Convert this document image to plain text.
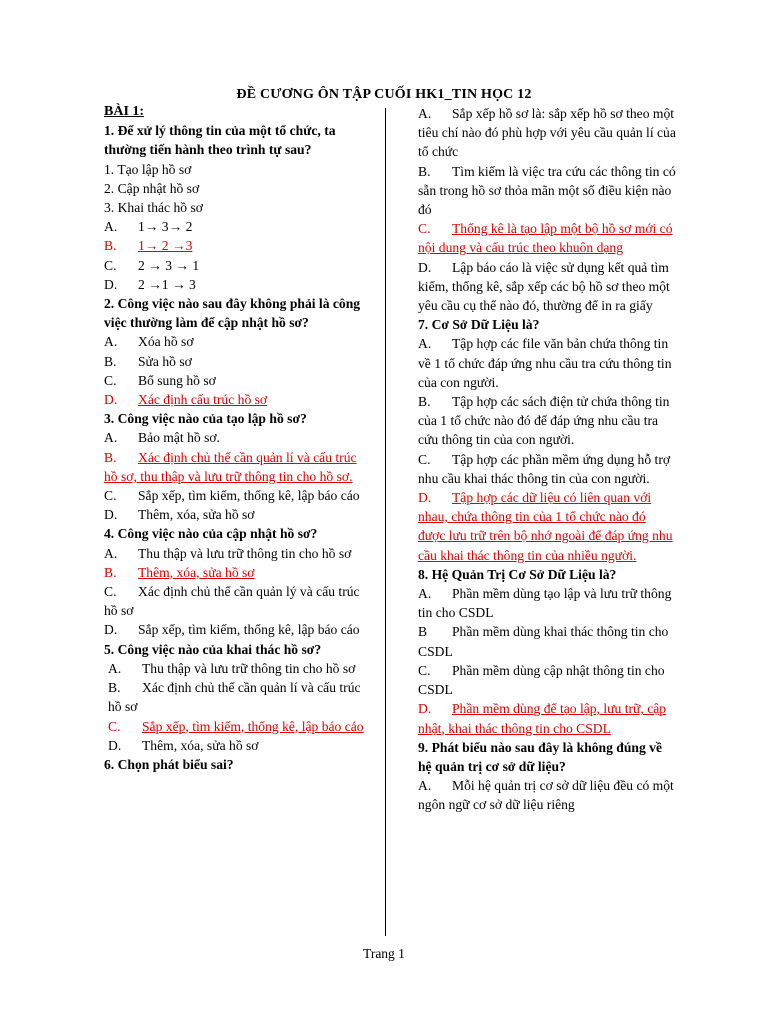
ĐỀ CƯƠNG ÔN TẬP CUỐI HK1_TIN HỌC 12
BÀI 1:
1. Để xử lý thông tin của một tổ chức, ta thường tiến hành theo trình tự sau?
1. Tạo lập hồ sơ
2. Cập nhật hồ sơ
3. Khai thác hồ sơ
A. 1→ 3→ 2
B. 1→ 2 →3
C. 2 → 3 → 1
D. 2 →1 → 3
2. Công việc nào sau đây không phải là công việc thường làm để cập nhật hồ sơ?
A. Xóa hồ sơ
B. Sửa hồ sơ
C. Bổ sung hồ sơ
D. Xác định cấu trúc hồ sơ
3. Công việc nào của tạo lập hồ sơ?
A. Bảo mật hồ sơ.
B. Xác định chủ thể cần quản lí và cấu trúc hồ sơ, thu thập và lưu trữ thông tin cho hồ sơ.
C. Sắp xếp, tìm kiếm, thống kê, lập báo cáo
D. Thêm, xóa, sửa hồ sơ
4. Công việc nào của cập nhật hồ sơ?
A. Thu thập và lưu trữ thông tin cho hồ sơ
B. Thêm, xóa, sửa hồ sơ
C. Xác định chủ thể cần quản lý và cấu trúc hồ sơ
D. Sắp xếp, tìm kiếm, thống kê, lập báo cáo
5. Công việc nào của khai thác hồ sơ?
A. Thu thập và lưu trữ thông tin cho hồ sơ
B. Xác định chủ thể cần quản lí và cấu trúc hồ sơ
C. Sắp xếp, tìm kiếm, thống kê, lập báo cáo
D. Thêm, xóa, sửa hồ sơ
6. Chọn phát biểu sai?
A. Sắp xếp hồ sơ là: sắp xếp hồ sơ theo một tiêu chí nào đó phù hợp với yêu cầu quản lí của tổ chức
B. Tìm kiếm là việc tra cứu các thông tin có sẵn trong hồ sơ thỏa mãn một số điều kiện nào đó
C. Thống kê là tạo lập một bộ hồ sơ mới có nội dung và cấu trúc theo khuôn dạng
D. Lập báo cáo là việc sử dụng kết quả tìm kiếm, thống kê, sắp xếp các bộ hồ sơ theo một yêu cầu cụ thể nào đó, thường để in ra giấy
7. Cơ Sở Dữ Liệu là?
A. Tập hợp các file văn bản chứa thông tin về 1 tổ chức đáp ứng nhu cầu tra cứu thông tin của con người.
B. Tập hợp các sách điện tử chứa thông tin của 1 tổ chức nào đó để đáp ứng nhu cầu tra cứu thông tin của con người.
C. Tập hợp các phần mềm ứng dụng hỗ trợ nhu cầu khai thác thông tin của con người.
D. Tập hợp các dữ liệu có liên quan với nhau, chứa thông tin của 1 tổ chức nào đó được lưu trữ trên bộ nhớ ngoài để đáp ứng nhu cầu khai thác thông tin của nhiều người.
8. Hệ Quản Trị Cơ Sở Dữ Liệu là?
A. Phần mềm dùng tạo lập và lưu trữ thông tin cho CSDL
B Phần mềm dùng khai thác thông tin cho CSDL
C. Phần mềm dùng cập nhật thông tin cho CSDL
D. Phần mềm dùng để tạo lập, lưu trữ, cập nhật, khai thác thông tin cho CSDL
9. Phát biểu nào sau đây là không đúng về hệ quản trị cơ sở dữ liệu?
A. Mỗi hệ quản trị cơ sở dữ liệu đều có một ngôn ngữ cơ sở dữ liệu riêng
Trang 1
